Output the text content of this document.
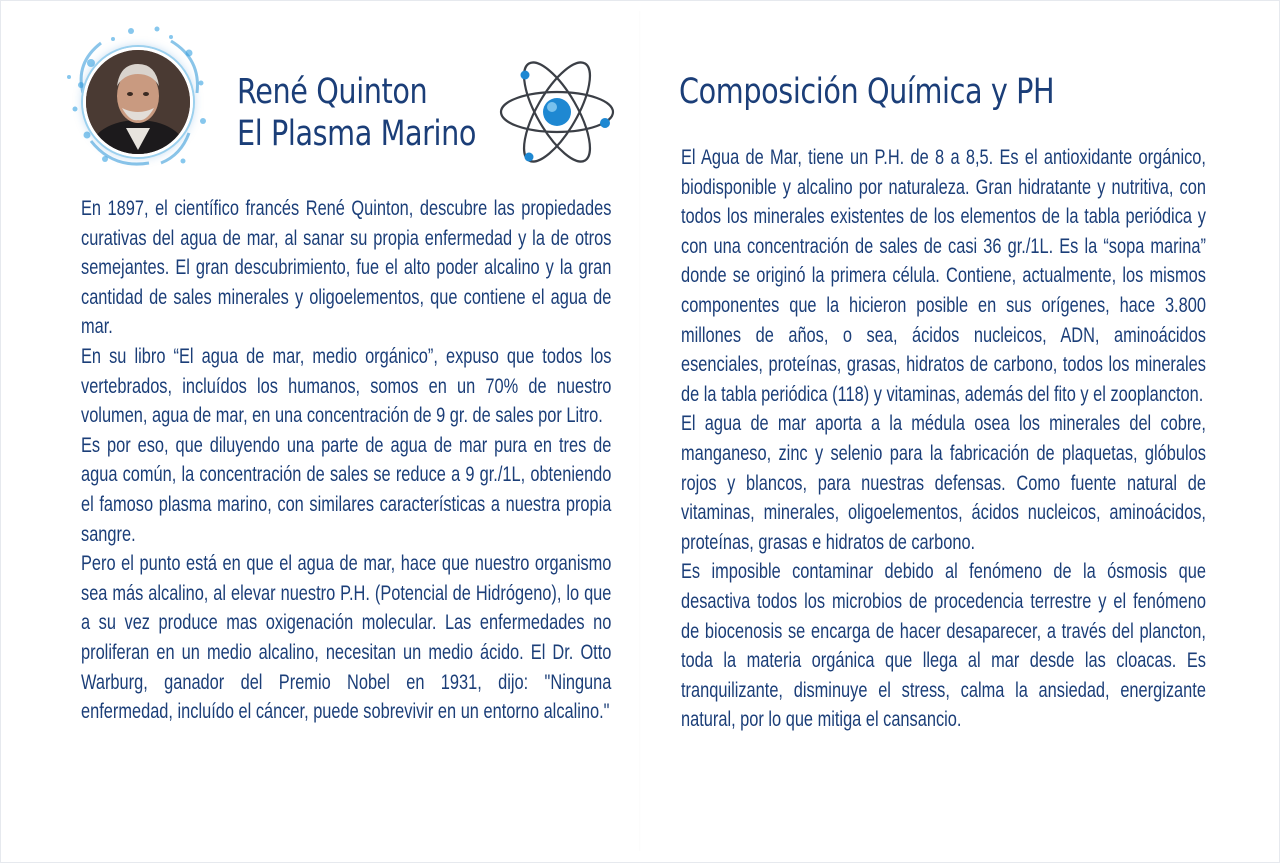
René Quinton
El Plasma Marino
Composición Química y PH

En 1897, el científico francés René Quinton, descubre las propiedades curativas del agua de mar, al sanar su propia enfermedad y la de otros semejantes. El gran descubrimiento, fue el alto poder alcalino y la gran cantidad de sales minerales y oligoelementos, que contiene el agua de mar.

En su libro “El agua de mar, medio orgánico”, expuso que todos los vertebrados, incluídos los humanos, somos en un 70% de nuestro volumen, agua de mar, en una concentración de 9 gr. de sales por Litro.

Es por eso, que diluyendo una parte de agua de mar pura en tres de agua común, la concentración de sales se reduce a 9 gr./1L, obteniendo el famoso plasma marino, con similares características a nuestra propia sangre.

Pero el punto está en que el agua de mar, hace que nuestro organismo sea más alcalino, al elevar nuestro P.H. (Potencial de Hidrógeno), lo que a su vez produce mas oxigenación molecular. Las enfermedades no proliferan en un medio alcalino, necesitan un medio ácido. El Dr. Otto Warburg, ganador del Premio Nobel en 1931, dijo: "Ninguna enfermedad, incluído el cáncer, puede sobrevivir en un entorno alcalino."

El Agua de Mar, tiene un P.H. de 8 a 8,5. Es el antioxidante orgánico, biodisponible y alcalino por naturaleza. Gran hidratante y nutritiva, con todos los minerales existentes de los elementos de la tabla periódica y con una concentración de sales de casi 36 gr./1L. Es la “sopa marina” donde se originó la primera célula. Contiene, actualmente, los mismos componentes que la hicieron posible en sus orígenes, hace 3.800 millones de años, o sea, ácidos nucleicos, ADN, aminoácidos esenciales, proteínas, grasas, hidratos de carbono, todos los minerales de la tabla periódica (118) y vitaminas, además del fito y el zooplancton.

El agua de mar aporta a la médula osea los minerales del cobre, manganeso, zinc y selenio para la fabricación de plaquetas, glóbulos rojos y blancos, para nuestras defensas. Como fuente natural de vitaminas, minerales, oligoelementos, ácidos nucleicos, aminoácidos, proteínas, grasas e hidratos de carbono.

Es imposible contaminar debido al fenómeno de la ósmosis que desactiva todos los microbios de procedencia terrestre y el fenómeno de biocenosis se encarga de hacer desaparecer, a través del plancton, toda la materia orgánica que llega al mar desde las cloacas. Es tranquilizante, disminuye el stress, calma la ansiedad, energizante natural, por lo que mitiga el cansancio.
